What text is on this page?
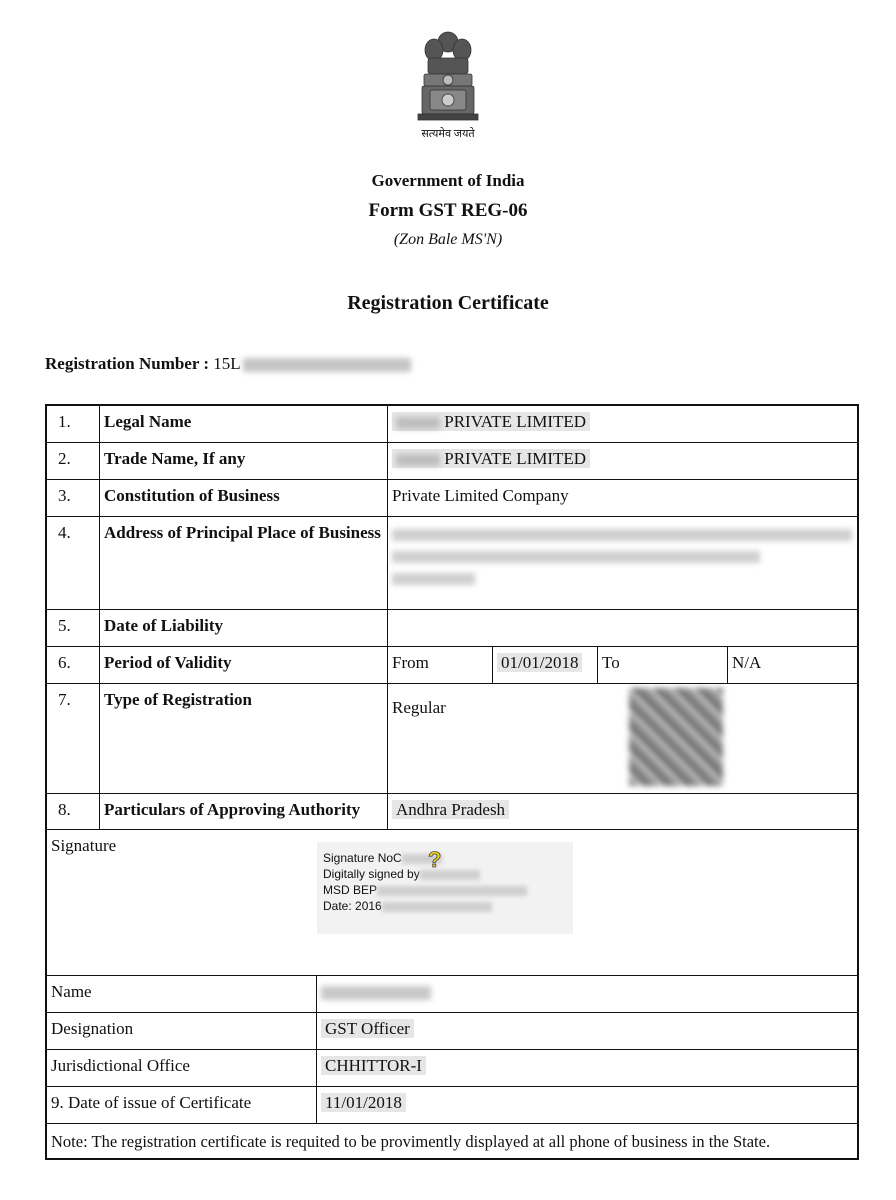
सत्यमेव जयते
Government of India
Form GST REG-06
(Zon Bale MS'N)
Registration Certificate
Registration Number : 15L
1.	Legal Name	PRIVATE LIMITED
2.	Trade Name, If any	PRIVATE LIMITED
3.	Constitution of Business	Private Limited Company
4.	Address of Principal Place of Business
5.	Date of Liability
6.	Period of Validity	From	01/01/2018	To	N/A
7.	Type of Registration	Regular
8.	Particulars of Approving Authority	Andhra Pradesh
Signature
Signature NoC
Digitally signed by
MSD BEP
Date: 2016
?
Name
Designation	GST Officer
Jurisdictional Office	CHHITTOR-I
9. Date of issue of Certificate	11/01/2018
Note: The registration certificate is requited to be provimently displayed at all phone of business in the State.
